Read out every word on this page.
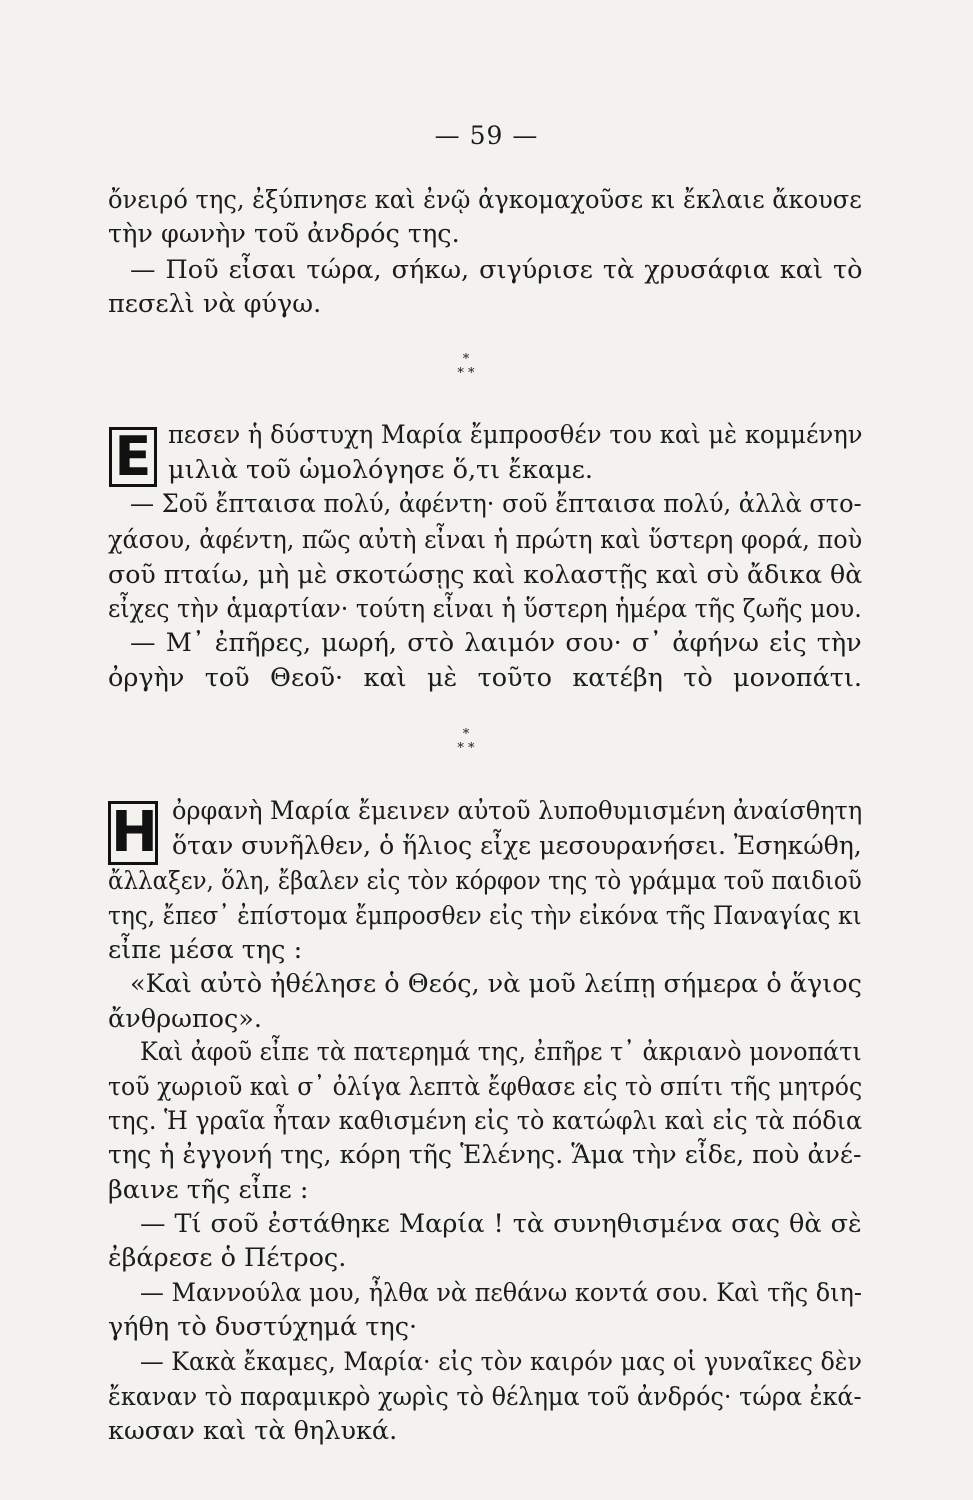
— 59 —
ὄνειρό της, ἐξύπνησε καὶ ἐνῷ ἀγκομαχοῦσε κι ἔκλαιε ἄκουσε
τὴν φωνὴν τοῦ ἀνδρός της.
— Ποῦ εἶσαι τώρα, σήκω, σιγύρισε τὰ χρυσάφια καὶ τὸ
πεσελὶ νὰ φύγω.
*
* *
Ε πεσεν ἡ δύστυχη Μαρία ἔμπροσθέν του καὶ μὲ κομμένην
μιλιὰ τοῦ ὡμολόγησε ὅ,τι ἔκαμε.
— Σοῦ ἔπταισα πολύ, ἀφέντη· σοῦ ἔπταισα πολύ, ἀλλὰ στο-
χάσου, ἀφέντη, πῶς αὐτὴ εἶναι ἡ πρώτη καὶ ὕστερη φορά, ποὺ
σοῦ πταίω, μὴ μὲ σκοτώσῃς καὶ κολαστῇς καὶ σὺ ἄδικα θὰ
εἶχες τὴν ἁμαρτίαν· τούτη εἶναι ἡ ὕστερη ἡμέρα τῆς ζωῆς μου.
— Μ᾿ ἐπῆρες, μωρή, στὸ λαιμόν σου· σ᾿ ἀφήνω εἰς τὴν
ὀργὴν τοῦ Θεοῦ· καὶ μὲ τοῦτο κατέβη τὸ μονοπάτι.
*
* *
Η ὀρφανὴ Μαρία ἔμεινεν αὐτοῦ λυποθυμισμένη ἀναίσθητη
ὅταν συνῆλθεν, ὁ ἥλιος εἶχε μεσουρανήσει. Ἐσηκώθη,
ἄλλαξεν, ὅλη, ἔβαλεν εἰς τὸν κόρφον της τὸ γράμμα τοῦ παιδιοῦ
της, ἔπεσ᾿ ἐπίστομα ἔμπροσθεν εἰς τὴν εἰκόνα τῆς Παναγίας κι
εἶπε μέσα της :
«Καὶ αὐτὸ ἠθέλησε ὁ Θεός, νὰ μοῦ λείπῃ σήμερα ὁ ἅγιος
ἄνθρωπος».
Καὶ ἀφοῦ εἶπε τὰ πατερημά της, ἐπῆρε τ᾿ ἀκριανὸ μονοπάτι
τοῦ χωριοῦ καὶ σ᾿ ὀλίγα λεπτὰ ἔφθασε εἰς τὸ σπίτι τῆς μητρός
της. Ἡ γραῖα ἦταν καθισμένη εἰς τὸ κατώφλι καὶ εἰς τὰ πόδια
της ἡ ἐγγονή της, κόρη τῆς Ἑλένης. Ἅμα τὴν εἶδε, ποὺ ἀνέ-
βαινε τῆς εἶπε :
— Τί σοῦ ἐστάθηκε Μαρία ! τὰ συνηθισμένα σας θὰ σὲ
ἐβάρεσε ὁ Πέτρος.
— Μαννούλα μου, ἦλθα νὰ πεθάνω κοντά σου. Καὶ τῆς διη-
γήθη τὸ δυστύχημά της·
— Κακὰ ἔκαμες, Μαρία· εἰς τὸν καιρόν μας οἱ γυναῖκες δὲν
ἔκαναν τὸ παραμικρὸ χωρὶς τὸ θέλημα τοῦ ἀνδρός· τώρα ἐκά-
κωσαν καὶ τὰ θηλυκά.
